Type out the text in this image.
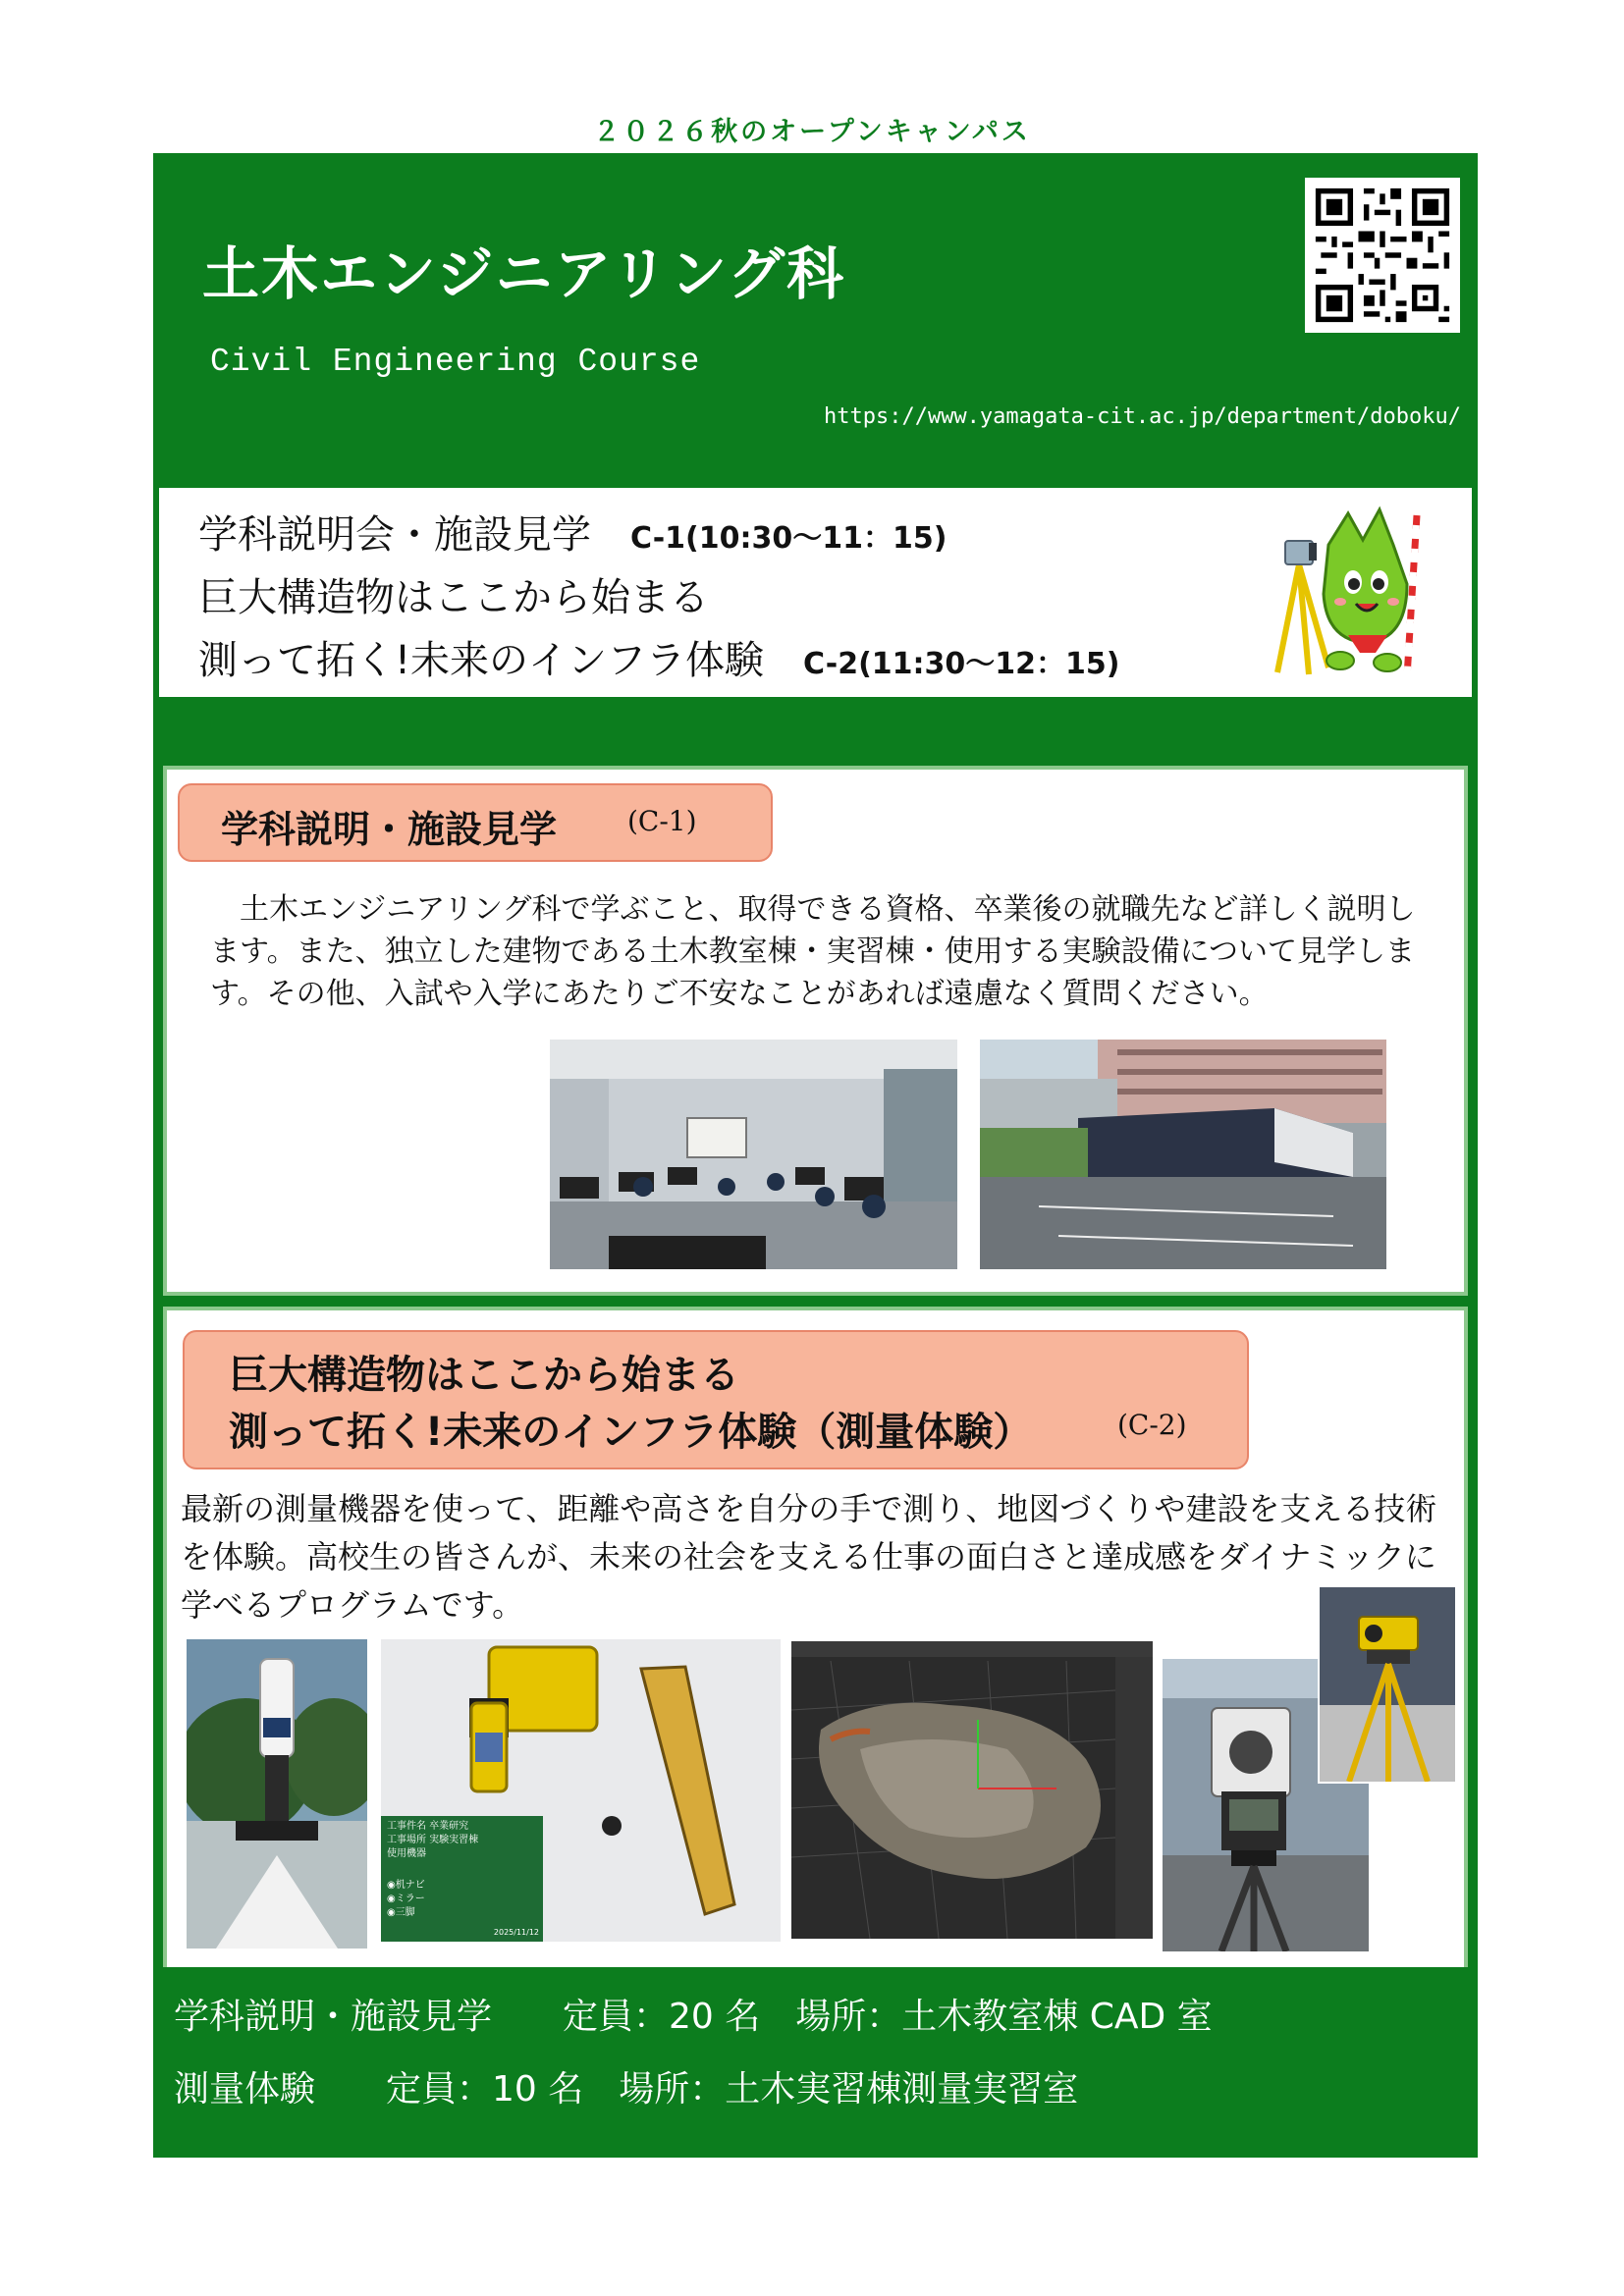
２０２６秋のオープンキャンパス
土木エンジニアリング科
Civil Engineering Course
https://www.yamagata-cit.ac.jp/department/doboku/
学科説明会・施設見学　 C-1(10:30～11：15)
巨大構造物はここから始まる
測って拓く!未来のインフラ体験　 C-2(11:30～12：15)
学科説明・施設見学	(C-1)
　土木エンジニアリング科で学ぶこと、取得できる資格、卒業後の就職先など詳しく説明します。また、独立した建物である土木教室棟・実習棟・使用する実験設備について見学します。その他、入試や入学にあたりご不安なことがあれば遠慮なく質問ください。
巨大構造物はここから始まる
測って拓く!未来のインフラ体験（測量体験）	(C-2)
最新の測量機器を使って、距離や高さを自分の手で測り、地図づくりや建設を支える技術を体験。高校生の皆さんが、未来の社会を支える仕事の面白さと達成感をダイナミックに学べるプログラムです。
工事件名 卒業研究
工事場所 実験実習棟
使用機器
◉机ナビ
◉ミラー
◉三脚
2025/11/12
学科説明・施設見学　　定員：20 名　場所：土木教室棟 CAD 室
測量体験　　定員：10 名　場所：土木実習棟測量実習室
